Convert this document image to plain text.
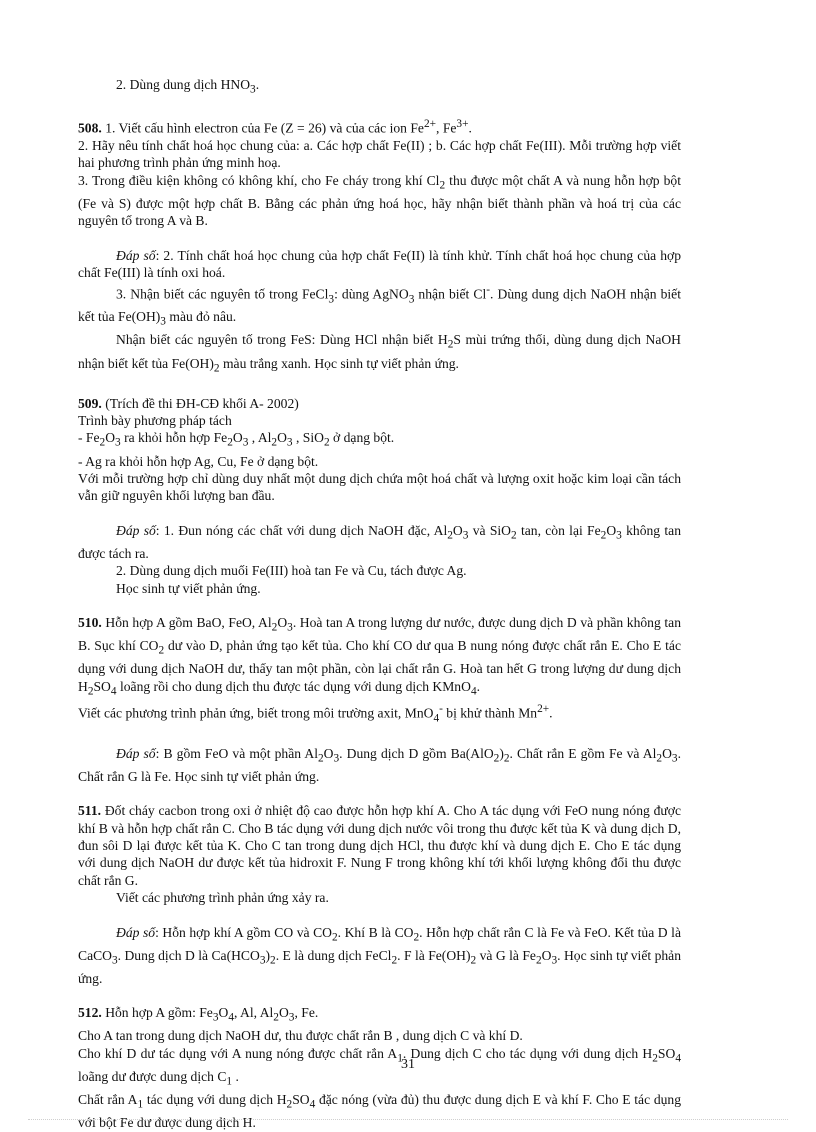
2. Dùng dung dịch $HNO_3$.

508. 1. Viết cấu hình electron của Fe (Z = 26) và của các ion $Fe^{2+}$, $Fe^{3+}$.

2. Hãy nêu tính chất hoá học chung của: a. Các hợp chất Fe(II) ; b. Các hợp chất Fe(III). Mỗi trường hợp viết hai phương trình phản ứng minh hoạ.

3. Trong điều kiện không có không khí, cho Fe cháy trong khí $Cl_2$ thu được một chất A và nung hỗn hợp bột (Fe và S) được một hợp chất B. Bằng các phản ứng hoá học, hãy nhận biết thành phần và hoá trị của các nguyên tố trong A và B.

Đáp số: 2. Tính chất hoá học chung của hợp chất Fe(II) là tính khử. Tính chất hoá học chung của hợp chất Fe(III) là tính oxi hoá.

3. Nhận biết các nguyên tố trong FeCl$_3$: dùng AgNO$_3$ nhận biết Cl-. Dùng dung dịch NaOH nhận biết kết tủa $Fe(OH)_3$ màu đỏ nâu.

Nhận biết các nguyên tố trong FeS: Dùng HCl nhận biết $H_2S$ mùi trứng thối, dùng dung dịch NaOH nhận biết kết tủa $Fe(OH)_2$ màu trắng xanh. Học sinh tự viết phản ứng.

509. (Trích đề thi ĐH-CĐ khối A- 2002)

Trình bày phương pháp tách

- $Fe_2O_3$ ra khỏi hỗn hợp $Fe_2O_3$ , $Al_2O_3$ , SiO$_2$ ở dạng bột.

- Ag ra khỏi hỗn hợp Ag, Cu, Fe ở dạng bột.

Với mỗi trường hợp chỉ dùng duy nhất một dung dịch chứa một hoá chất và lượng oxit hoặc kim loại cần tách vẫn giữ nguyên khối lượng ban đầu.

Đáp số: 1. Đun nóng các chất với dung dịch NaOH đặc, $Al_2O_3$ và SiO$_2$ tan, còn lại $Fe_2O_3$ không tan được tách ra.

2. Dùng dung dịch muối Fe(III) hoà tan Fe và Cu, tách được Ag.

Học sinh tự viết phản ứng.

510. Hỗn hợp A gồm BaO, FeO, $Al_2O_3$. Hoà tan A trong lượng dư nước, được dung dịch D và phần không tan B. Sục khí $CO_2$ dư vào D, phản ứng tạo kết tủa. Cho khí CO dư qua B nung nóng được chất rắn E. Cho E tác dụng với dung dịch NaOH dư, thấy tan một phần, còn lại chất rắn G. Hoà tan hết G trong lượng dư dung dịch $H_2SO_4$ loãng rồi cho dung dịch thu được tác dụng với dung dịch KMnO$_4$.

Viết các phương trình phản ứng, biết trong môi trường axit, MnO$_4$- bị khử thành $Mn^{2+}$.

Đáp số: B gồm FeO và một phần $Al_2O_3$. Dung dịch D gồm $Ba(AlO_2)_2$. Chất rắn E gồm Fe và $Al_2O_3$. Chất rắn G là Fe. Học sinh tự viết phản ứng.

511. Đốt cháy cacbon trong oxi ở nhiệt độ cao được hỗn hợp khí A. Cho A tác dụng với FeO nung nóng được khí B và hỗn hợp chất rắn C. Cho B tác dụng với dung dịch nước vôi trong thu được kết tủa K và dung dịch D, đun sôi D lại được kết tủa K. Cho C tan trong dung dịch HCl, thu được khí và dung dịch E. Cho E tác dụng với dung dịch NaOH dư được kết tủa hidroxit F. Nung F trong không khí tới khối lượng không đổi thu được chất rắn G.

Viết các phương trình phản ứng xảy ra.

Đáp số: Hỗn hợp khí A gồm CO và $CO_2$. Khí B là $CO_2$. Hỗn hợp chất rắn C là Fe và FeO. Kết tủa D là CaCO$_3$. Dung dịch D là $Ca(HCO_3)_2$. E là dung dịch FeCl$_2$. F là $Fe(OH)_2$ và G là $Fe_2O_3$. Học sinh tự viết phản ứng.

512. Hỗn hợp A gồm: $Fe_3O_4$, Al, $Al_2O_3$, Fe.

Cho A tan trong dung dịch NaOH dư, thu được chất rắn B , dung dịch C và khí D.

Cho khí D dư tác dụng với A nung nóng được chất rắn $A_1$. Dung dịch C cho tác dụng với dung dịch $H_2SO_4$ loãng dư được dung dịch $C_1$ .

Chất rắn $A_1$ tác dụng với dung dịch $H_2SO_4$ đặc nóng (vừa đủ) thu được dung dịch E và khí F. Cho E tác dụng với bột Fe dư được dung dịch H.

31
